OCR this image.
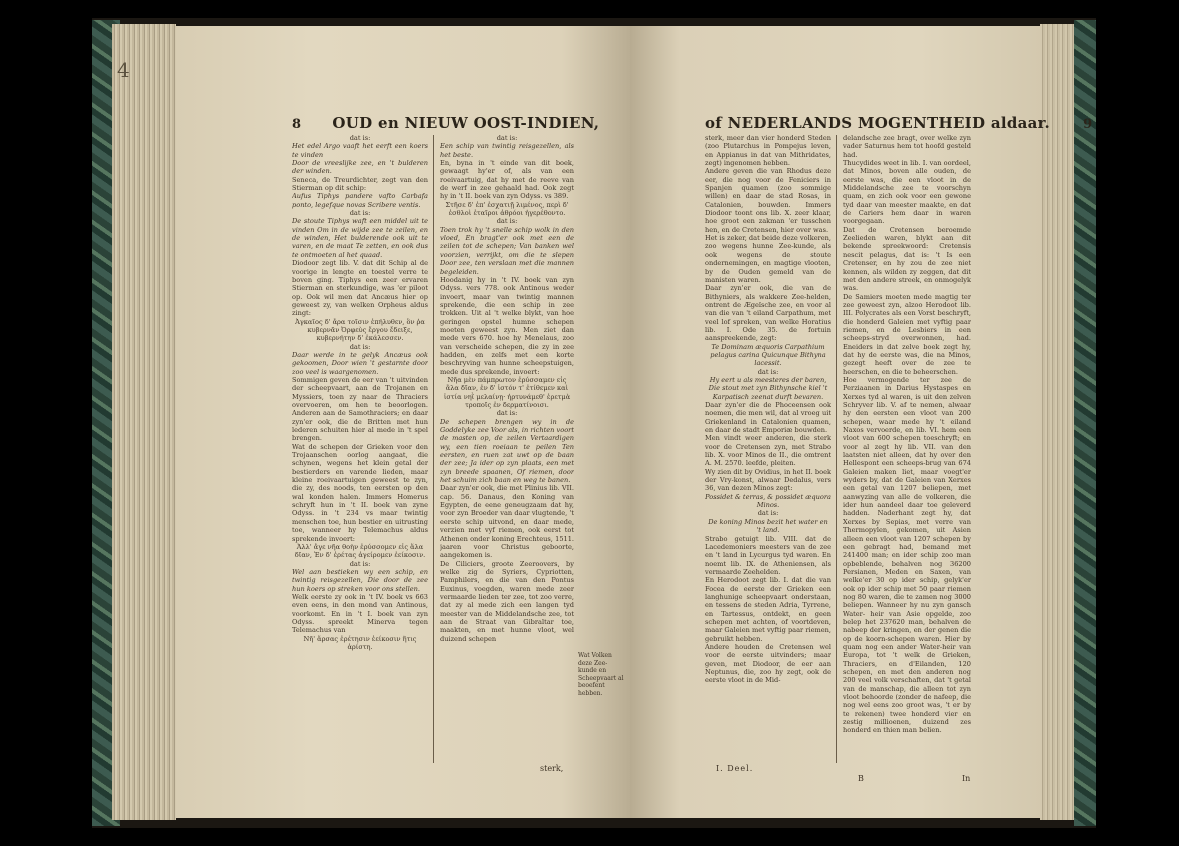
4
8 OUD en NIEUW OOST-INDIEN,	of NEDERLANDS MOGENTHEID aldaar.	9

dat is:

Het edel Argo vaaft het eerft een koers te vinden

Door de vreeslijke zee, en 't bulderen der winden.

Seneca, de Treurdichter, zegt van den Stierman op dit schip:

Aufus Tiphys pandere vafto Carbafa ponto, legefque novas Scribere ventis.

dat is:

De stoute Tiphys waft een middel uit te vinden Om in de wijde zee te zeilen, en de winden, Het bulderende ook uit te varen, en de maat Te zetten, en ook dus te ontmoeten al het quaad.

Diodoor zegt lib. V. dat dit Schip al de voorige in lengte en toestel verre te boven ging. Tiphys een zeer ervaren Stierman en sterkundige, was 'er piloot op. Ook wil men dat Ancæus hier op geweest zy, van welken Orpheus aldus zingt:

Ἀγκαῖος δ' ἄρα τοῖσιν ἐπήλυθεν, ὃν ῥα κυβερνᾶν Ὀρφεὺς ἔργου ἔδειξε, κυβερνήτην δ' ἐκάλεσσεν.

dat is:

Daar werde in te gelyk Ancæus ook gekoomen, Door wien 't gestarnte door zoo veel is waargenomen.

Sommigen geven de eer van 't uitvinden der scheepvaart, aan de Trojanen en Myssiers, toen zy naar de Thraciers overvoeren, om hen te beoorlogen. Anderen aan de Samothraciers; en daar zyn'er ook, die de Britten met hun lederen schuiten hier al mede in 't spel brengen.

Wat de schepen der Grieken voor den Trojaanschen oorlog aangaat, die schynen, wegens het klein getal der bestierders en varende lieden, maar kleine roeivaartuigen geweest te zyn, die zy, des noods, ten eersten op den wal konden halen. Immers Homerus schryft hun in 't II. boek van zyne Odyss. in 't 234 vs maar twintig menschen toe, hun bestier en uitrusting toe, wanneer hy Telemachus aldus sprekende invoert:

Ἀλλ' ἄγε νῆα θοὴν ἐρύσσομεν εἰς ἅλα δῖαν, Ἐν δ' ἐρέτας ἀγείρομεν ἐείκοσιν.

dat is:

Wel aan bestieken wy een schip, en twintig reisgezellen, Die door de zee hun koers op streken voor ons stellen.

Welk eerste zy ook in 't IV. boek vs 663 even eens, in den mond van Antinous, voorkomt. En in 't I. boek van zyn Odyss. spreekt Minerva tegen Telemachus van

Νῆ' ἄρσας ἐρέτησιν ἐείκοσιν ἥτις ἀρίστη.

dat is:

Een schip van twintig reisgezellen, als het beste.

En, byna in 't einde van dit boek, gewaagt hy'er of, als van een roeivaartuig, dat hy met de reeve van de werf in zee gehaald had. Ook zegt hy in 't II. boek van zyn Odyss. vs 389.

Στῆσε δ' ἐπ' ἐσχατιῇ λιμένος, περὶ δ' ἐσθλοὶ ἑταῖροι ἁθρόοι ἠγερέθοντο.

dat is:

Toen trok hy 't snelle schip wolk in den vloed, En bragt'er ook met een de zeilen tot de schepen; Van banken wel voorzien, verrijkt, om die te slepen Door zee, ten verslaan met die mannen begeleiden.

Hoodanig hy in 't IV. boek van zyn Odyss. vers 778. ook Antinous weder invoert, maar van twintig mannen sprekende, die een schip in zee trokken. Uit al 't welke blykt, van hoe geringen opstel humne schepen moeten geweest zyn. Men ziet dan mede vers 670. hoe hy Menelaus, zoo van verscheide schepen, die zy in zee hadden, en zelfs met een korte beschryving van hunne scheepstuigen, mede dus sprekende, invoert:

Νῆα μὲν πάμπρωτον ἐρύσσαμεν εἰς ἅλα δῖαν, ἐν δ' ἱστόν τ' ἐτίθεμεν καὶ ἱστία νηῒ μελαίνῃ· ἠρτυνάμεθ' ἐρετμὰ τροποῖς ἐν δερματίνοισι.

dat is:

De schepen brengen wy in de Goddelyke zee Voor als, in richten voort de masten op, de zeilen Vertaardigen wy, een tien roeiaan te peilen Ten eersten, en ruen zat uwt op de baan der zee; Ja ider op zyn plaats, een met zyn breede spaanen, Of riemen, door het schuim zich baan en weg te banen.

Daar zyn'er ook, die met Plinius lib. VII. cap. 56. Danaus, den Koning van Egypten, de eene geneugzaam dat hy, voor zyn Broeder van daar vlugtende, 't eerste schip uitvond, en daar mede, verzien met vyf riemen, ook eerst tot Athenen onder koning Erechteus, 1511. jaaren voor Christus geboorte, aangekomen is.

De Ciliciers, groote Zeeroovers, by welke zig de Syriers, Cypriotten, Pamphilers, en die van den Pontus Euxinus, voegden, waren mede zeer vermaarde lieden ter zee, tot zoo verre, dat zy al mede zich een langen tyd meester van de Middelandsche zee, tot aan de Straat van Gibraltar toe, maakten, en met hunne vloot, wel duizend schepen

Wat Volken deze Zee-kunde en Scheepvaart al beoefent hebben.
sterk,

sterk, meer dan vier honderd Steden (zoo Plutarchus in Pompejus leven, en Appianus in dat van Mithridates, zegt) ingenomen hebben.

Andere geven die van Rhodus deze eer, die nog voor de Feniciers in Spanjen quamen (zoo sommige willen) en daar de stad Rosas, in Catalonien, bouwden. Immers Diodoor toont ons lib. X. zeer klaar, hoe groot een zakman 'er tusschen hen, en de Cretensen, hier over was.

Het is zeker, dat beide deze volkeren, zoo wegens hunne Zee-kunde, als ook wegens de stoute ondernemingen, en magtige vlooten, by de Ouden gemeld van de manisten waren.

Daar zyn'er ook, die van de Bithyniers, als wakkere Zee-helden, ontrent de Ægeïsche zee, en voor al van die van 't eiland Carpathum, met veel lof spreken, van welke Horatius lib. I. Ode 35. de fortuin aanspreekende, zegt:

Te Dominam æquoris Carpathium pelagus carina Quicunque Bithyna lacessit.

dat is:

Hy eert u als meesteres der baren, Die stout met zyn Bithynsche kiel 't Karpatisch zeenat durft bevaren.

Daar zyn'er die de Phoceensen ook noemen, die men wil, dat al vroeg uit Griekenland in Catalonien quamen, en daar de stadt Emporiæ bouwden.

Men vindt weer anderen, die sterk voor de Cretensen zyn, met Strabo lib. X. voor Minos de II., die omtrent A. M. 2570. leefde, pleiten.

Wy zien dit by Ovidius, in het II. boek der Vry-konst, alwaar Dedalus, vers 36, van dezen Minos zegt:

Possidet & terras, & possidet æquora Minos.

dat is:

De koning Minos bezit het water en 't land.

Strabo getuigt lib. VIII. dat de Lacedemoniers meesters van de zee en 't land in Lycurgus tyd waren. En noemt lib. IX. de Atheniensen, als vermaarde Zeehelden.

En Herodoot zegt lib. I. dat die van Focea de eerste der Grieken een langhunige scheepvaart onderstaan, en tessens de steden Adria, Tyrrene, en Tartessus, ontdekt, en geen schepen met achten, of voortdeven, maar Galeien met vyftig paar riemen, gebruikt hebben.

Andere houden de Cretensen wel voor de eerste uitvinders; maar geven, met Diodoor, de eer aan Neptunus, die, zoo hy zegt, ook de eerste vloot in de Mid-

delandsche zee bragt, over welke zyn vader Saturnus hem tot hoofd gesteld had.

Thucydides weet in lib. I. van oordeel, dat Minos, boven alle ouden, de eerste was, die een vloot in de Middelandsche zee te voorschyn quam, en zich ook voor een gewone tyd daar van meester maakte, en dat de Cariers hem daar in waren voorgegaan.

Dat de Cretensen beroemde Zeelieden waren, blykt aan dit bekende spreekwoord: Cretensis nescit pelagus, dat is: 't Is een Cretenser, en hy zou de zee niet kennen, als wilden zy zeggen, dat dit met den andere streek, en onmogelyk was.

De Samiers moeten mede magtig ter zee geweest zyn, alzoo Herodoot lib. III. Polycrates als een Vorst beschryft, die honderd Galeien met vyftig paar riemen, en de Lesbiers in een scheeps-stryd overwonnen, had. Eneiders in dat zelve boek zegt hy, dat hy de eerste was, die na Minos, gezegt heeft over de zee te heerschen, en die te beheerschen.

Hoe vermogende ter zee de Perziaanen in Darius Hystaspes en Xerxes tyd al waren, is uit den zelven Schryver lib. V. af te nemen, alwaar hy den eersten een vloot van 200 schepen, waar mede hy 't eiland Naxos vervoerde, en lib. VI. hem een vloot van 600 schepen toeschryft; en voor al zegt hy lib. VII. van den laatsten niet alleen, dat hy over den Hellespont een scheeps-brug van 674 Galeien maken liet, maar voegt'er wyders by, dat de Galeien van Xerxes een getal van 1207 beliepen, met aanwyzing van alle de volkeren, die ider hun aandeel daar toe geleverd hadden. Naderhant zegt hy, dat Xerxes by Sepias, met verre van Thermopylen, gekomen, uit Asien alleen een vloot van 1207 schepen by een gebragt had, bemand met 241400 man; en ider schip zoo man opbeblende, behalven nog 36200 Persianen, Meden en Saxen, van welke'er 30 op ider schip, gelyk'er ook op ider schip met 50 paar riemen nog 80 waren, die te zamen nog 3000 beliepen. Wanneer hy nu zyn gansch Water- heir van Asie opgelde, zoo belep het 237620 man, behalven de nabeep der kringen, en der genen die op de koorn-schepen waren. Hier by quam nog een ander Water-heir van Europa, tot 't welk de Grieken, Thraciers, en d'Eilanden, 120 schepen, en met den anderen nog 200 veel volk verschaften, dat 't getal van de manschap, die alleen tot zyn vloot behoorde (zonder de nafeep, die nog wel eens zoo groot was, 't er by te rekenen) twee honderd vier en zestig millioenen, duizend zes honderd en thien man belien.

I. Deel.
B	In
